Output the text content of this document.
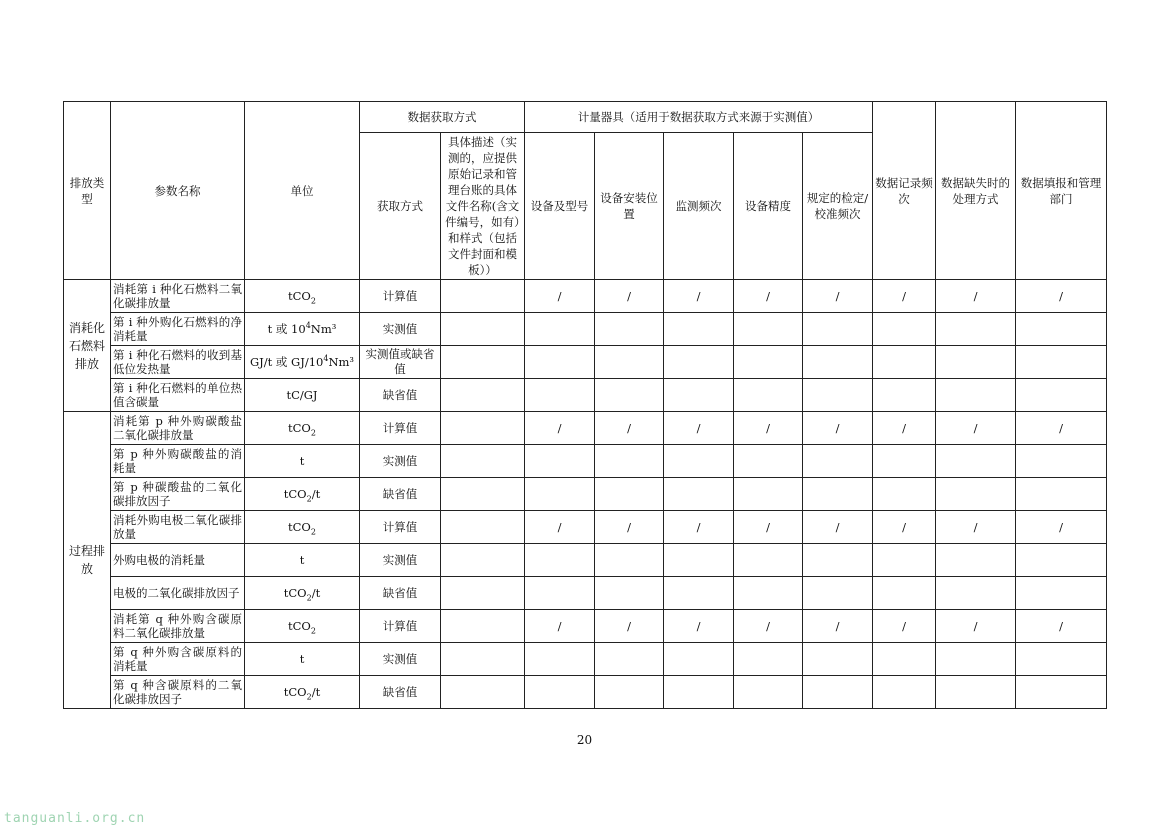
排放类型	参数名称	单位	数据获取方式		计量器具（适用于数据获取方式来源于实测值）					数据记录频次	数据缺失时的处理方式	数据填报和管理部门
			获取方式	具体描述（实测的，应提供原始记录和管理台账的具体文件名称(含文件编号，如有）和样式（包括文件封面和模板））	设备及型号	设备安装位置	监测频次	设备精度	规定的检定/校准频次			
消耗化石燃料排放	消耗第 i 种化石燃料二氧化碳排放量	tCO$_2$	计算值		/	/	/	/	/	/	/	/
	第 i 种外购化石燃料的净消耗量	t 或 $10^4Nm^3$	实测值									
	第 i 种化石燃料的收到基低位发热量	GJ/t 或 $GJ/10^4Nm^3$	实测值或缺省值									
	第 i 种化石燃料的单位热值含碳量	tC/GJ	缺省值									
过程排放	消耗第 p 种外购碳酸盐二氧化碳排放量	tCO$_2$	计算值		/	/	/	/	/	/	/	/
	第 p 种外购碳酸盐的消耗量	t	实测值									
	第 p 种碳酸盐的二氧化碳排放因子	tCO$_2$/t	缺省值									
	消耗外购电极二氧化碳排放量	tCO$_2$	计算值		/	/	/	/	/	/	/	/
	外购电极的消耗量	t	实测值									
	电极的二氧化碳排放因子	tCO$_2$/t	缺省值									
	消耗第 q 种外购含碳原料二氧化碳排放量	tCO$_2$	计算值		/	/	/	/	/	/	/	/
	第 q 种外购含碳原料的消耗量	t	实测值									
	第 q 种含碳原料的二氧化碳排放因子	tCO$_2$/t	缺省值									
20
tanguanli.org.cn
